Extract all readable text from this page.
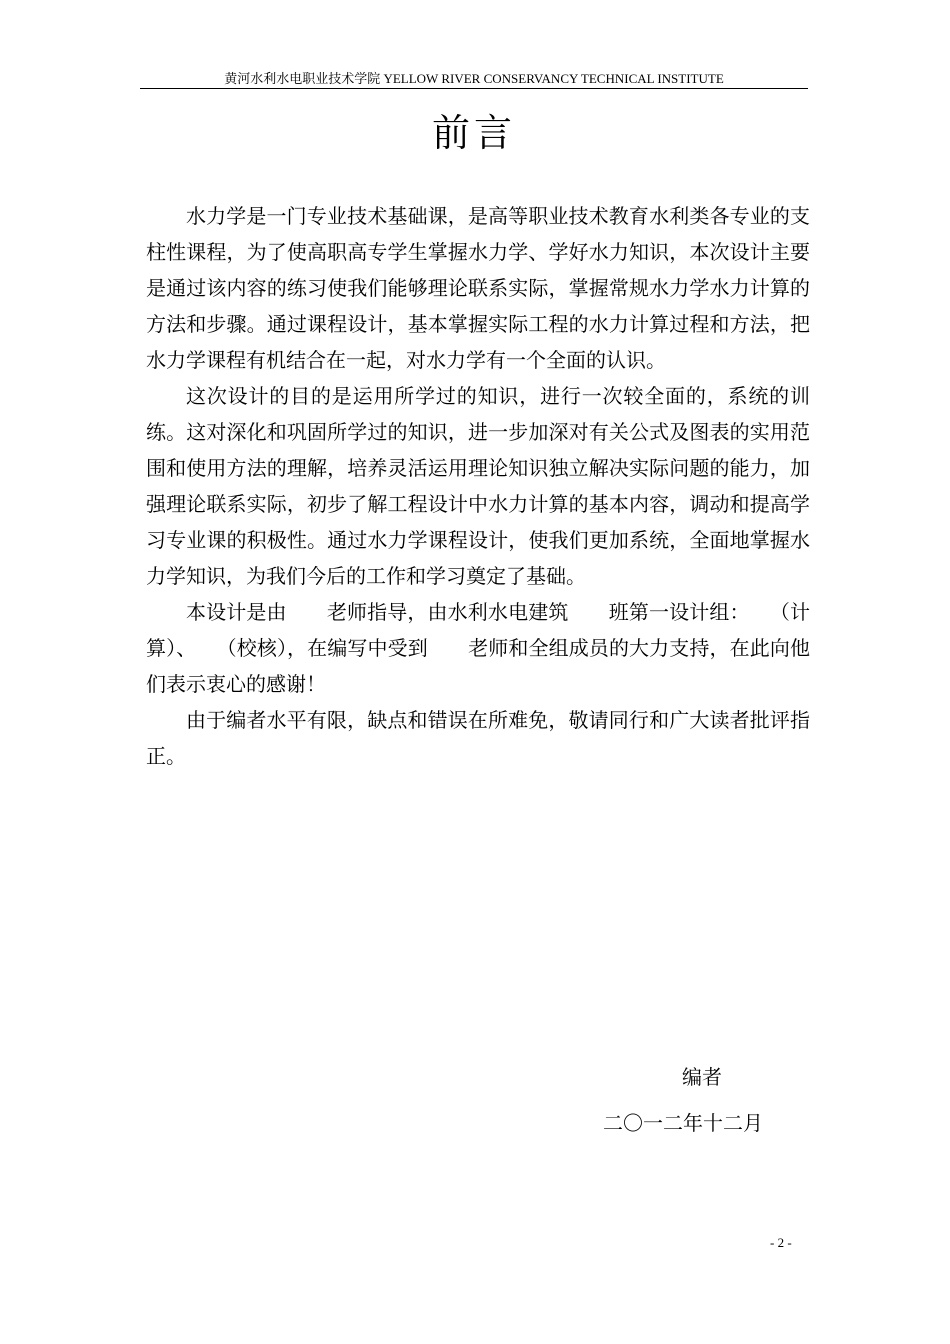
黄河水利水电职业技术学院 YELLOW RIVER CONSERVANCY TECHNICAL INSTITUTE
前言

水力学是一门专业技术基础课，是高等职业技术教育水利类各专业的支柱性课程，为了使高职高专学生掌握水力学、学好水力知识，本次设计主要是通过该内容的练习使我们能够理论联系实际，掌握常规水力学水力计算的方法和步骤。通过课程设计，基本掌握实际工程的水力计算过程和方法，把水力学课程有机结合在一起，对水力学有一个全面的认识。

这次设计的目的是运用所学过的知识，进行一次较全面的，系统的训练。这对深化和巩固所学过的知识，进一步加深对有关公式及图表的实用范围和使用方法的理解，培养灵活运用理论知识独立解决实际问题的能力，加强理论联系实际，初步了解工程设计中水力计算的基本内容，调动和提高学习专业课的积极性。通过水力学课程设计，使我们更加系统，全面地掌握水力学知识，为我们今后的工作和学习奠定了基础。

本设计是由　　老师指导，由水利水电建筑　　班第一设计组：　　（计算）、　　（校核），在编写中受到　　老师和全组成员的大力支持，在此向他们表示衷心的感谢！

由于编者水平有限，缺点和错误在所难免，敬请同行和广大读者批评指正。

编者
二〇一二年十二月
- 2 -
